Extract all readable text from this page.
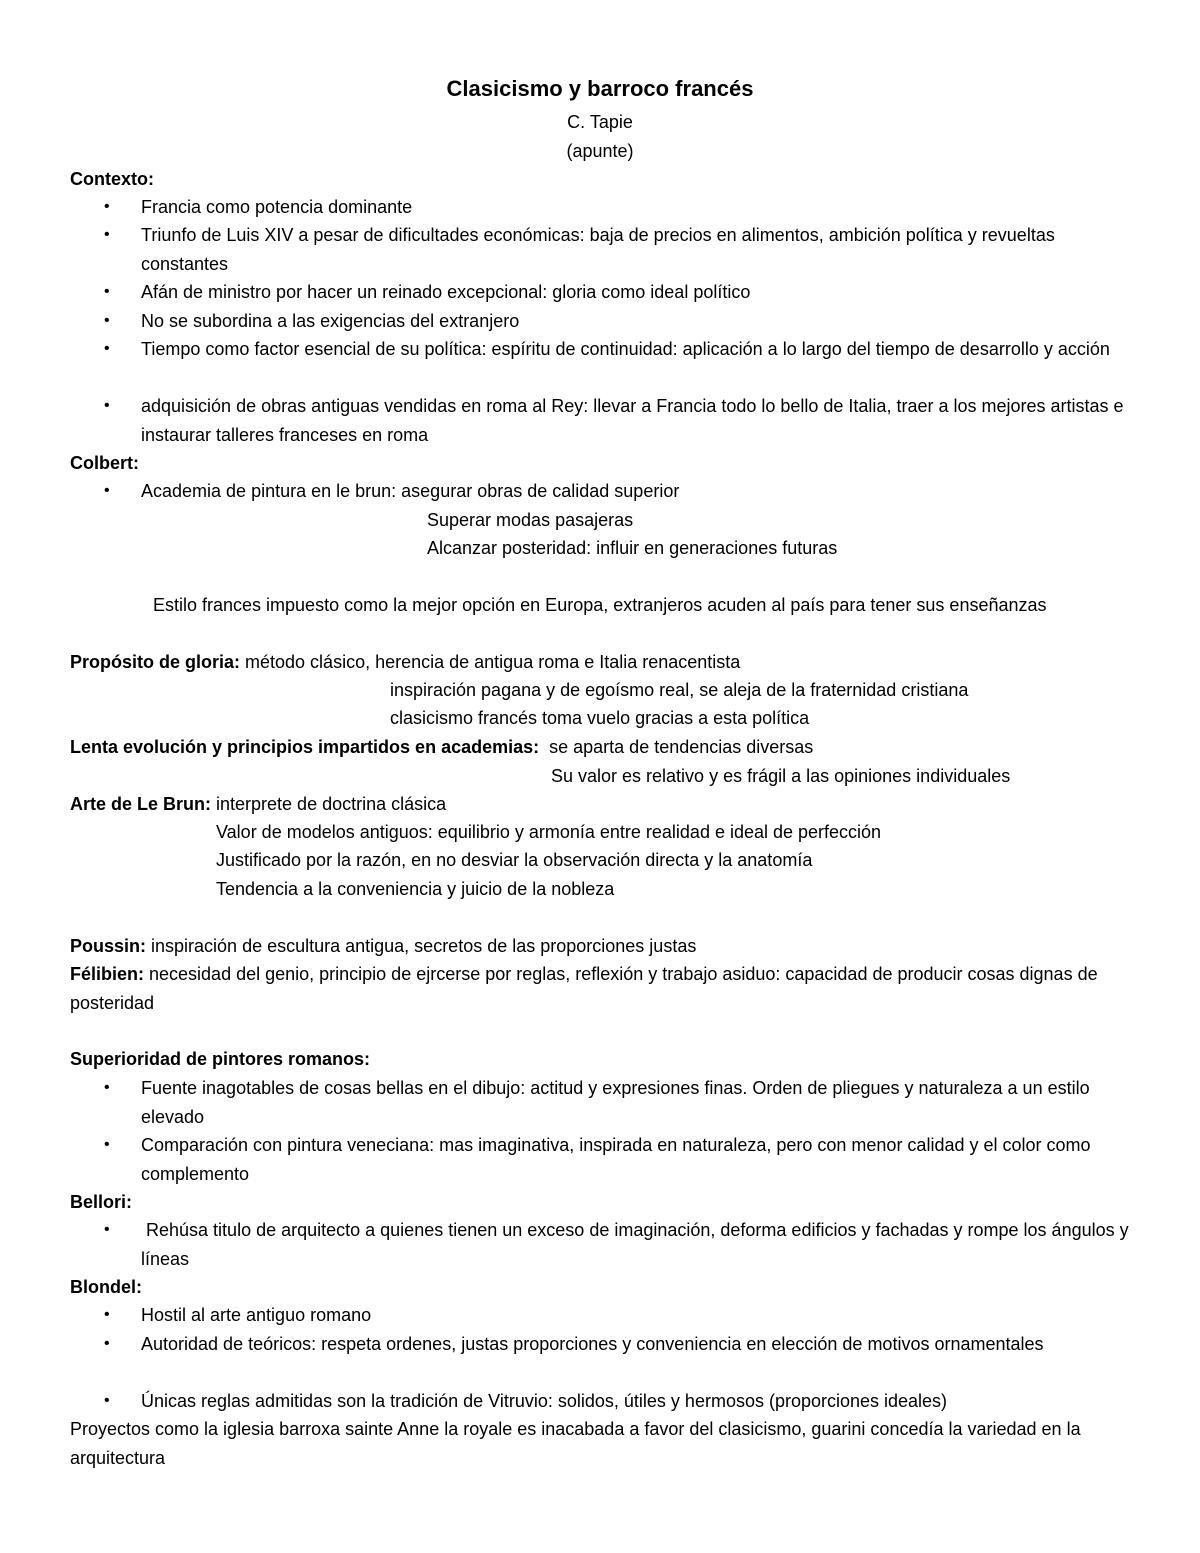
Clasicismo y barroco francés
C. Tapie
(apunte)
Contexto:
• Francia como potencia dominante
• Triunfo de Luis XIV a pesar de dificultades económicas: baja de precios en alimentos, ambición política y revueltas constantes
• Afán de ministro por hacer un reinado excepcional: gloria como ideal político
• No se subordina a las exigencias del extranjero
• Tiempo como factor esencial de su política: espíritu de continuidad: aplicación a lo largo del tiempo de desarrollo y acción
• adquisición de obras antiguas vendidas en roma al Rey: llevar a Francia todo lo bello de Italia, traer a los mejores artistas e instaurar talleres franceses en roma
Colbert:
• Academia de pintura en le brun: asegurar obras de calidad superior
Superar modas pasajeras
Alcanzar posteridad: influir en generaciones futuras
Estilo frances impuesto como la mejor opción en Europa, extranjeros acuden al país para tener sus enseñanzas
Propósito de gloria: método clásico, herencia de antigua roma e Italia renacentista
inspiración pagana y de egoísmo real, se aleja de la fraternidad cristiana
clasicismo francés toma vuelo gracias a esta política
Lenta evolución y principios impartidos en academias:  se aparta de tendencias diversas
Su valor es relativo y es frágil a las opiniones individuales
Arte de Le Brun: interprete de doctrina clásica
Valor de modelos antiguos: equilibrio y armonía entre realidad e ideal de perfección
Justificado por la razón, en no desviar la observación directa y la anatomía
Tendencia a la conveniencia y juicio de la nobleza
Poussin: inspiración de escultura antigua, secretos de las proporciones justas
Félibien: necesidad del genio, principio de ejrcerse por reglas, reflexión y trabajo asiduo: capacidad de producir cosas dignas de posteridad
Superioridad de pintores romanos:
• Fuente inagotables de cosas bellas en el dibujo: actitud y expresiones finas. Orden de pliegues y naturaleza a un estilo elevado
• Comparación con pintura veneciana: mas imaginativa, inspirada en naturaleza, pero con menor calidad y el color como complemento
Bellori:
• Rehúsa titulo de arquitecto a quienes tienen un exceso de imaginación, deforma edificios y fachadas y rompe los ángulos y líneas
Blondel:
• Hostil al arte antiguo romano
• Autoridad de teóricos: respeta ordenes, justas proporciones y conveniencia en elección de motivos ornamentales
• Únicas reglas admitidas son la tradición de Vitruvio: solidos, útiles y hermosos (proporciones ideales)
Proyectos como la iglesia barroxa sainte Anne la royale es inacabada a favor del clasicismo, guarini concedía la variedad en la arquitectura
